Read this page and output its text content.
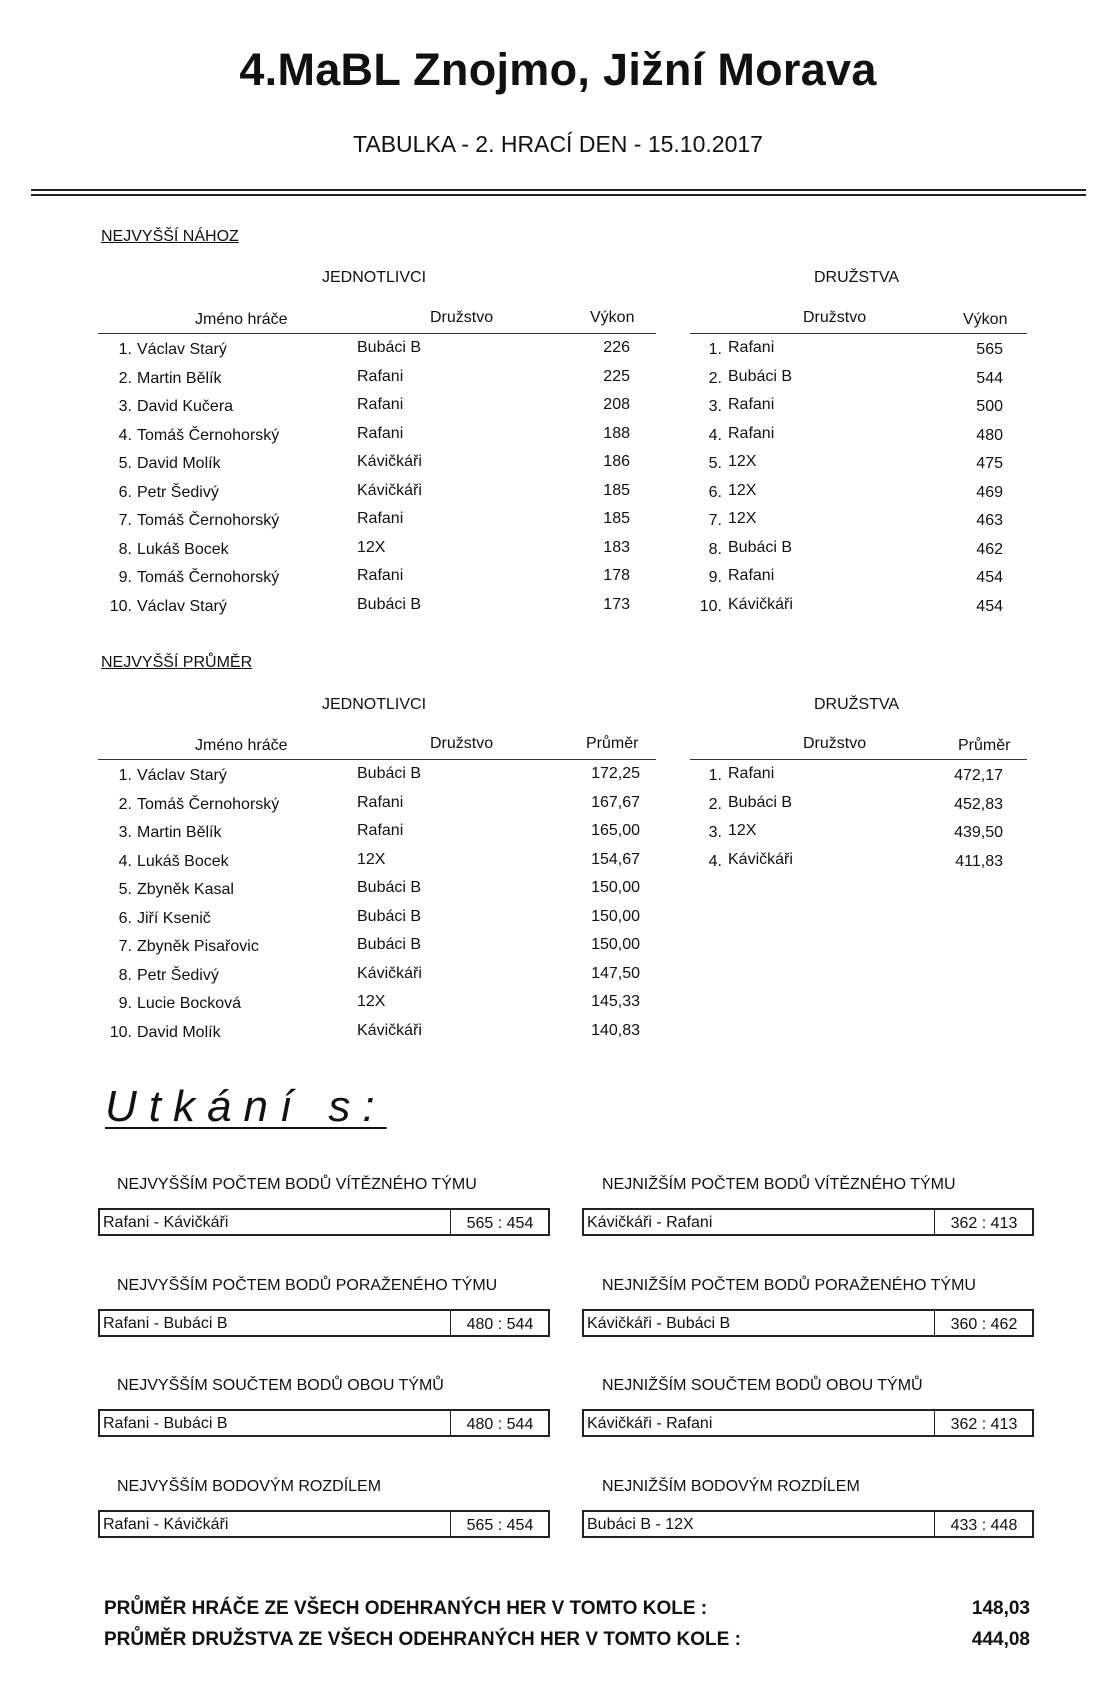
4.MaBL Znojmo, Jižní Morava
TABULKA - 2. HRACÍ DEN - 15.10.2017
NEJVYŠŠÍ NÁHOZ
JEDNOTLIVCI	DRUŽSTVA
Jméno hráče	Družstvo	Výkon	Družstvo	Výkon
1. Václav Starý	Bubáci B	226
2. Martin Bělík	Rafani	225
3. David Kučera	Rafani	208
4. Tomáš Černohorský	Rafani	188
5. David Molík	Kávičkáři	186
6. Petr Šedivý	Kávičkáři	185
7. Tomáš Černohorský	Rafani	185
8. Lukáš Bocek	12X	183
9. Tomáš Černohorský	Rafani	178
10. Václav Starý	Bubáci B	173
1. Rafani	565
2. Bubáci B	544
3. Rafani	500
4. Rafani	480
5. 12X	475
6. 12X	469
7. 12X	463
8. Bubáci B	462
9. Rafani	454
10. Kávičkáři	454
NEJVYŠŠÍ PRŮMĚR
JEDNOTLIVCI	DRUŽSTVA
Jméno hráče	Družstvo	Průměr	Družstvo	Průměr
1. Václav Starý	Bubáci B	172,25
2. Tomáš Černohorský	Rafani	167,67
3. Martin Bělík	Rafani	165,00
4. Lukáš Bocek	12X	154,67
5. Zbyněk Kasal	Bubáci B	150,00
6. Jiří Ksenič	Bubáci B	150,00
7. Zbyněk Pisařovic	Bubáci B	150,00
8. Petr Šedivý	Kávičkáři	147,50
9. Lucie Bocková	12X	145,33
10. David Molík	Kávičkáři	140,83
1. Rafani	472,17
2. Bubáci B	452,83
3. 12X	439,50
4. Kávičkáři	411,83
Utkání s:
NEJVYŠŠÍM POČTEM BODŮ VÍTĚZNÉHO TÝMU
Rafani - Kávičkáři	565 : 454
NEJNIŽŠÍM POČTEM BODŮ VÍTĚZNÉHO TÝMU
Kávičkáři - Rafani	362 : 413
NEJVYŠŠÍM POČTEM BODŮ PORAŽENÉHO TÝMU
Rafani - Bubáci B	480 : 544
NEJNIŽŠÍM POČTEM BODŮ PORAŽENÉHO TÝMU
Kávičkáři - Bubáci B	360 : 462
NEJVYŠŠÍM SOUČTEM BODŮ OBOU TÝMŮ
Rafani - Bubáci B	480 : 544
NEJNIŽŠÍM SOUČTEM BODŮ OBOU TÝMŮ
Kávičkáři - Rafani	362 : 413
NEJVYŠŠÍM BODOVÝM ROZDÍLEM
Rafani - Kávičkáři	565 : 454
NEJNIŽŠÍM BODOVÝM ROZDÍLEM
Bubáci B - 12X	433 : 448
PRŮMĚR HRÁČE ZE VŠECH ODEHRANÝCH HER V TOMTO KOLE :	148,03
PRŮMĚR DRUŽSTVA ZE VŠECH ODEHRANÝCH HER V TOMTO KOLE :	444,08
